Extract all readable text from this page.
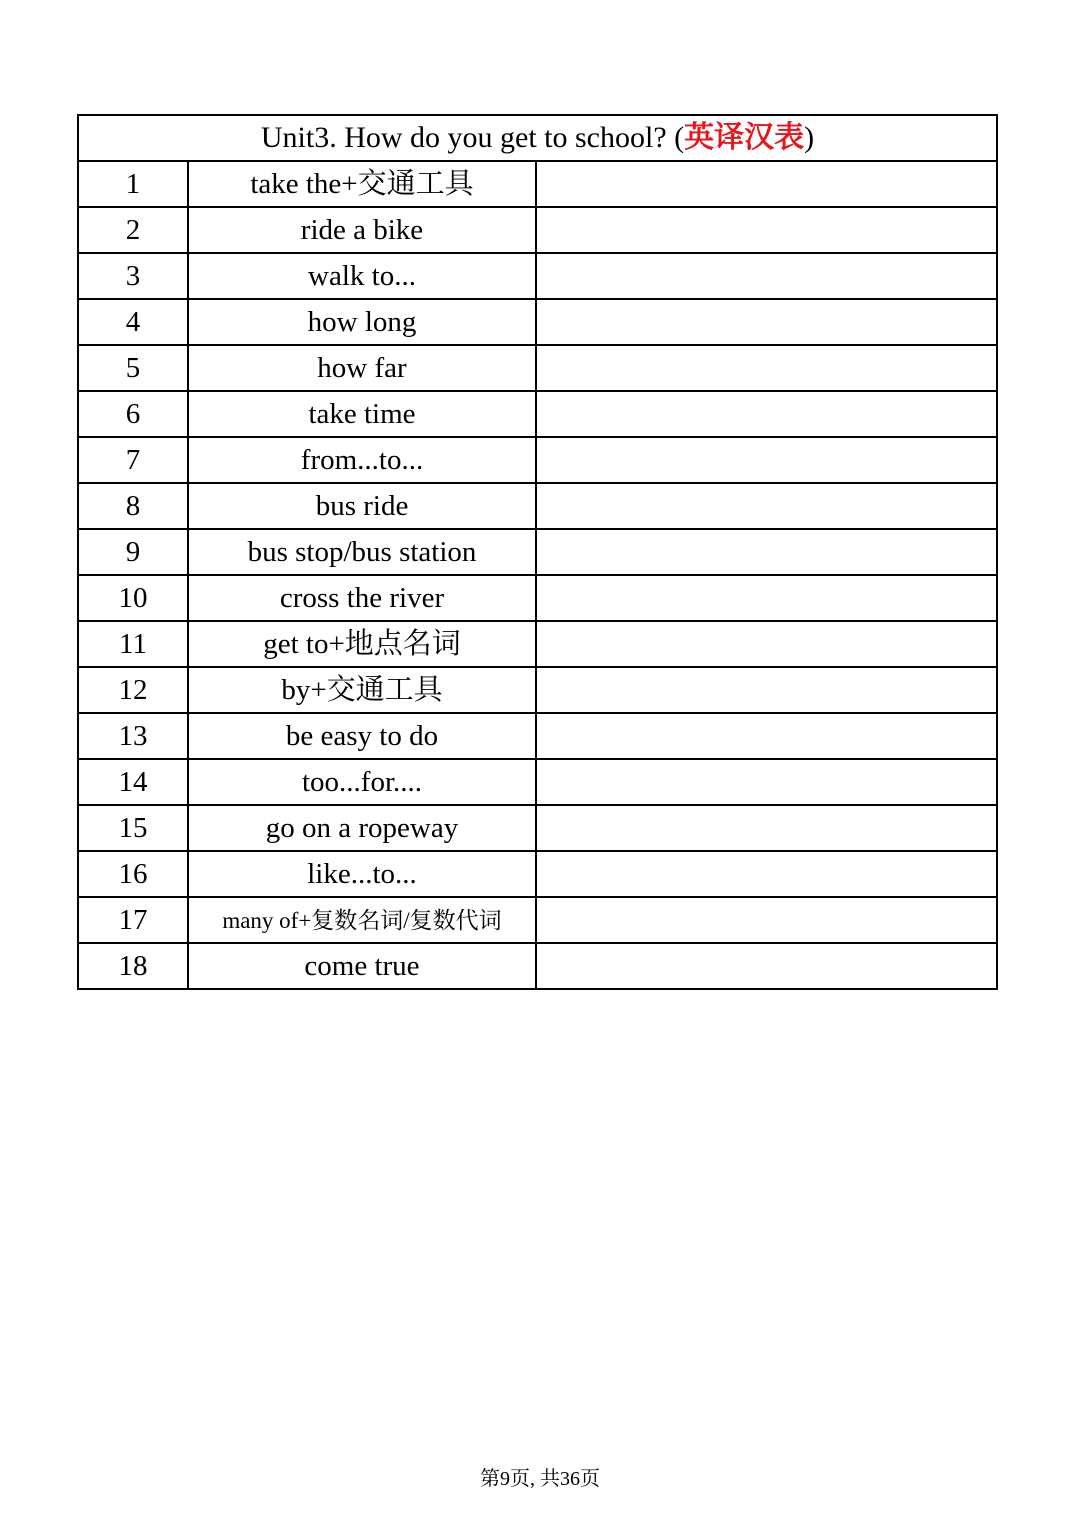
Unit3. How do you get to school? (英译汉表)		
1	take the+交通工具	
2	ride a bike	
3	walk to...	
4	how long	
5	how far	
6	take time	
7	from...to...	
8	bus ride	
9	bus stop/bus station	
10	cross the river	
11	get to+地点名词	
12	by+交通工具	
13	be easy to do	
14	too...for....	
15	go on a ropeway	
16	like...to...	
17	many of+复数名词/复数代词	
18	come true	
第9页, 共36页
